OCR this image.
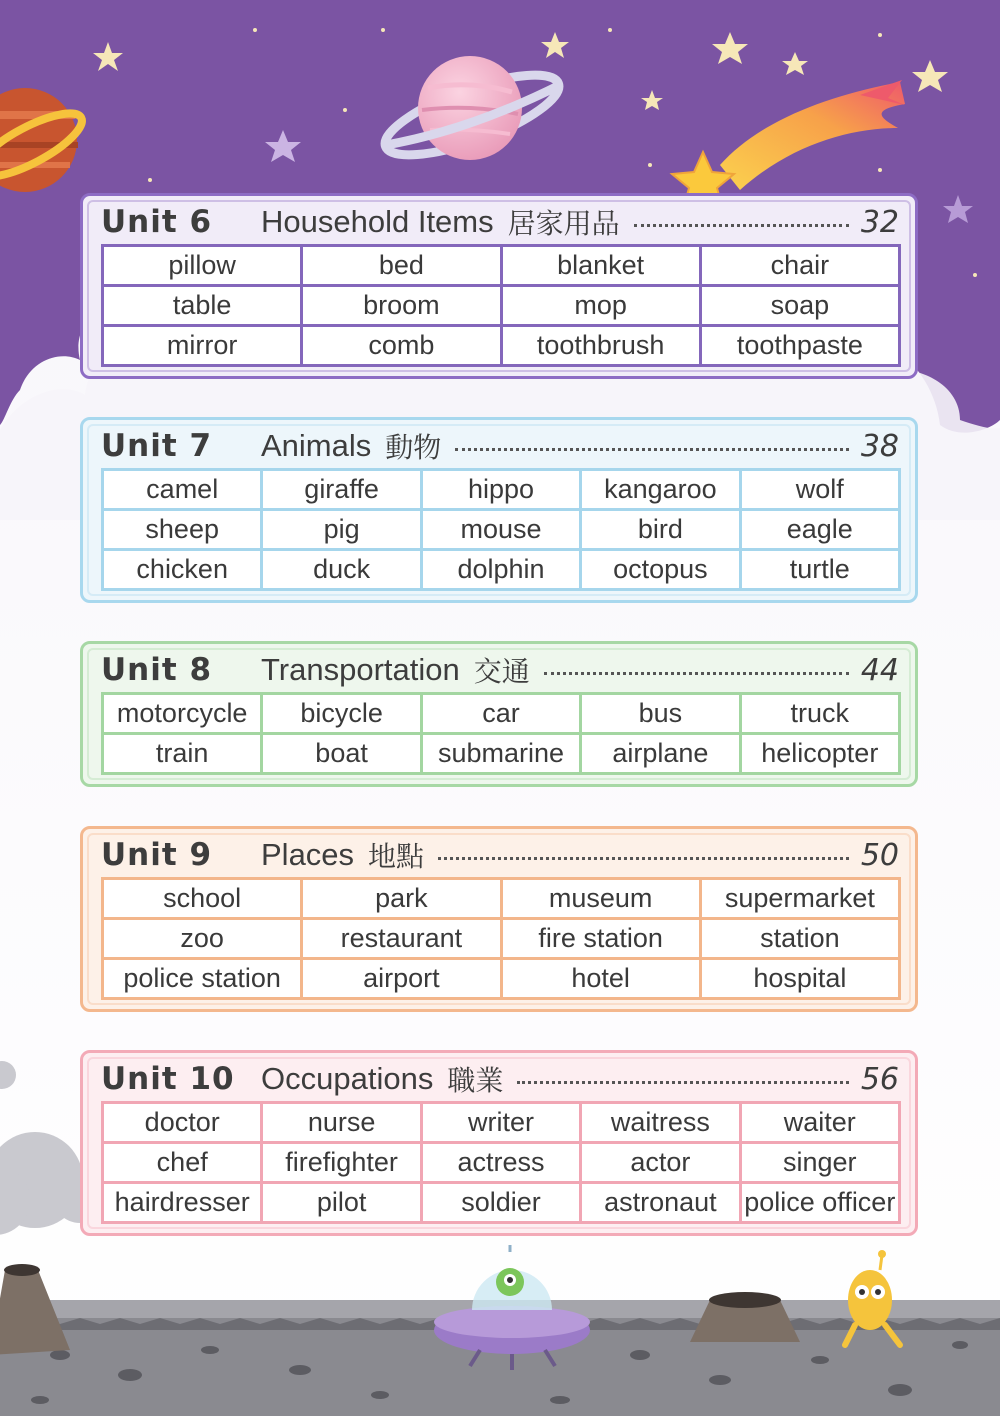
Unit 6	Household Items 居家用品	32
pillow	bed	blanket	chair
table	broom	mop	soap
mirror	comb	toothbrush	toothpaste
Unit 7	Animals 動物	38
camel	giraffe	hippo	kangaroo	wolf
sheep	pig	mouse	bird	eagle
chicken	duck	dolphin	octopus	turtle
Unit 8	Transportation 交通	44
motorcycle	bicycle	car	bus	truck
train	boat	submarine	airplane	helicopter
Unit 9	Places 地點	50
school	park	museum	supermarket
zoo	restaurant	fire station	station
police station	airport	hotel	hospital
Unit 10 Occupations 職業	56
doctor	nurse	writer	waitress	waiter
chef	firefighter	actress	actor	singer
hairdresser	pilot	soldier	astronaut	police officer
